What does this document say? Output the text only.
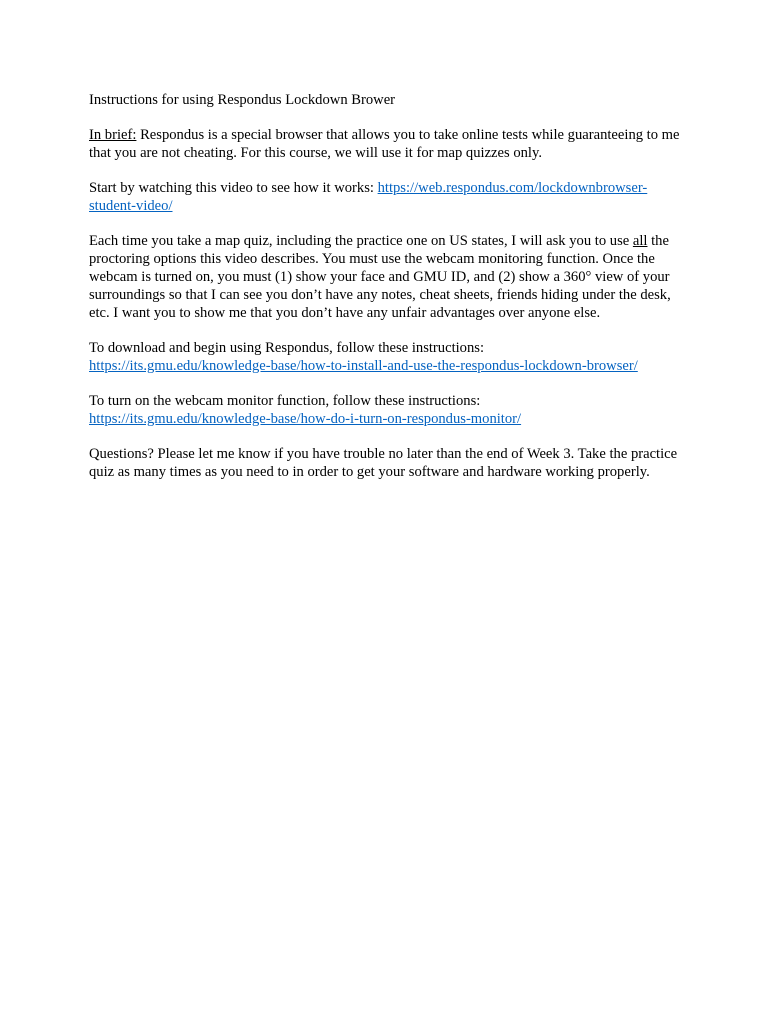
Instructions for using Respondus Lockdown Brower

In brief: Respondus is a special browser that allows you to take online tests while guaranteeing to me that you are not cheating. For this course, we will use it for map quizzes only.

Start by watching this video to see how it works: https://web.respondus.com/lockdownbrowser-
student-video/

Each time you take a map quiz, including the practice one on US states, I will ask you to use all the proctoring options this video describes. You must use the webcam monitoring function. Once the webcam is turned on, you must (1) show your face and GMU ID, and (2) show a 360° view of your surroundings so that I can see you don’t have any notes, cheat sheets, friends hiding under the desk, etc. I want you to show me that you don’t have any unfair advantages over anyone else.

To download and begin using Respondus, follow these instructions:
https://its.gmu.edu/knowledge-base/how-to-install-and-use-the-respondus-lockdown-browser/

To turn on the webcam monitor function, follow these instructions:
https://its.gmu.edu/knowledge-base/how-do-i-turn-on-respondus-monitor/

Questions? Please let me know if you have trouble no later than the end of Week 3. Take the practice quiz as many times as you need to in order to get your software and hardware working properly.
